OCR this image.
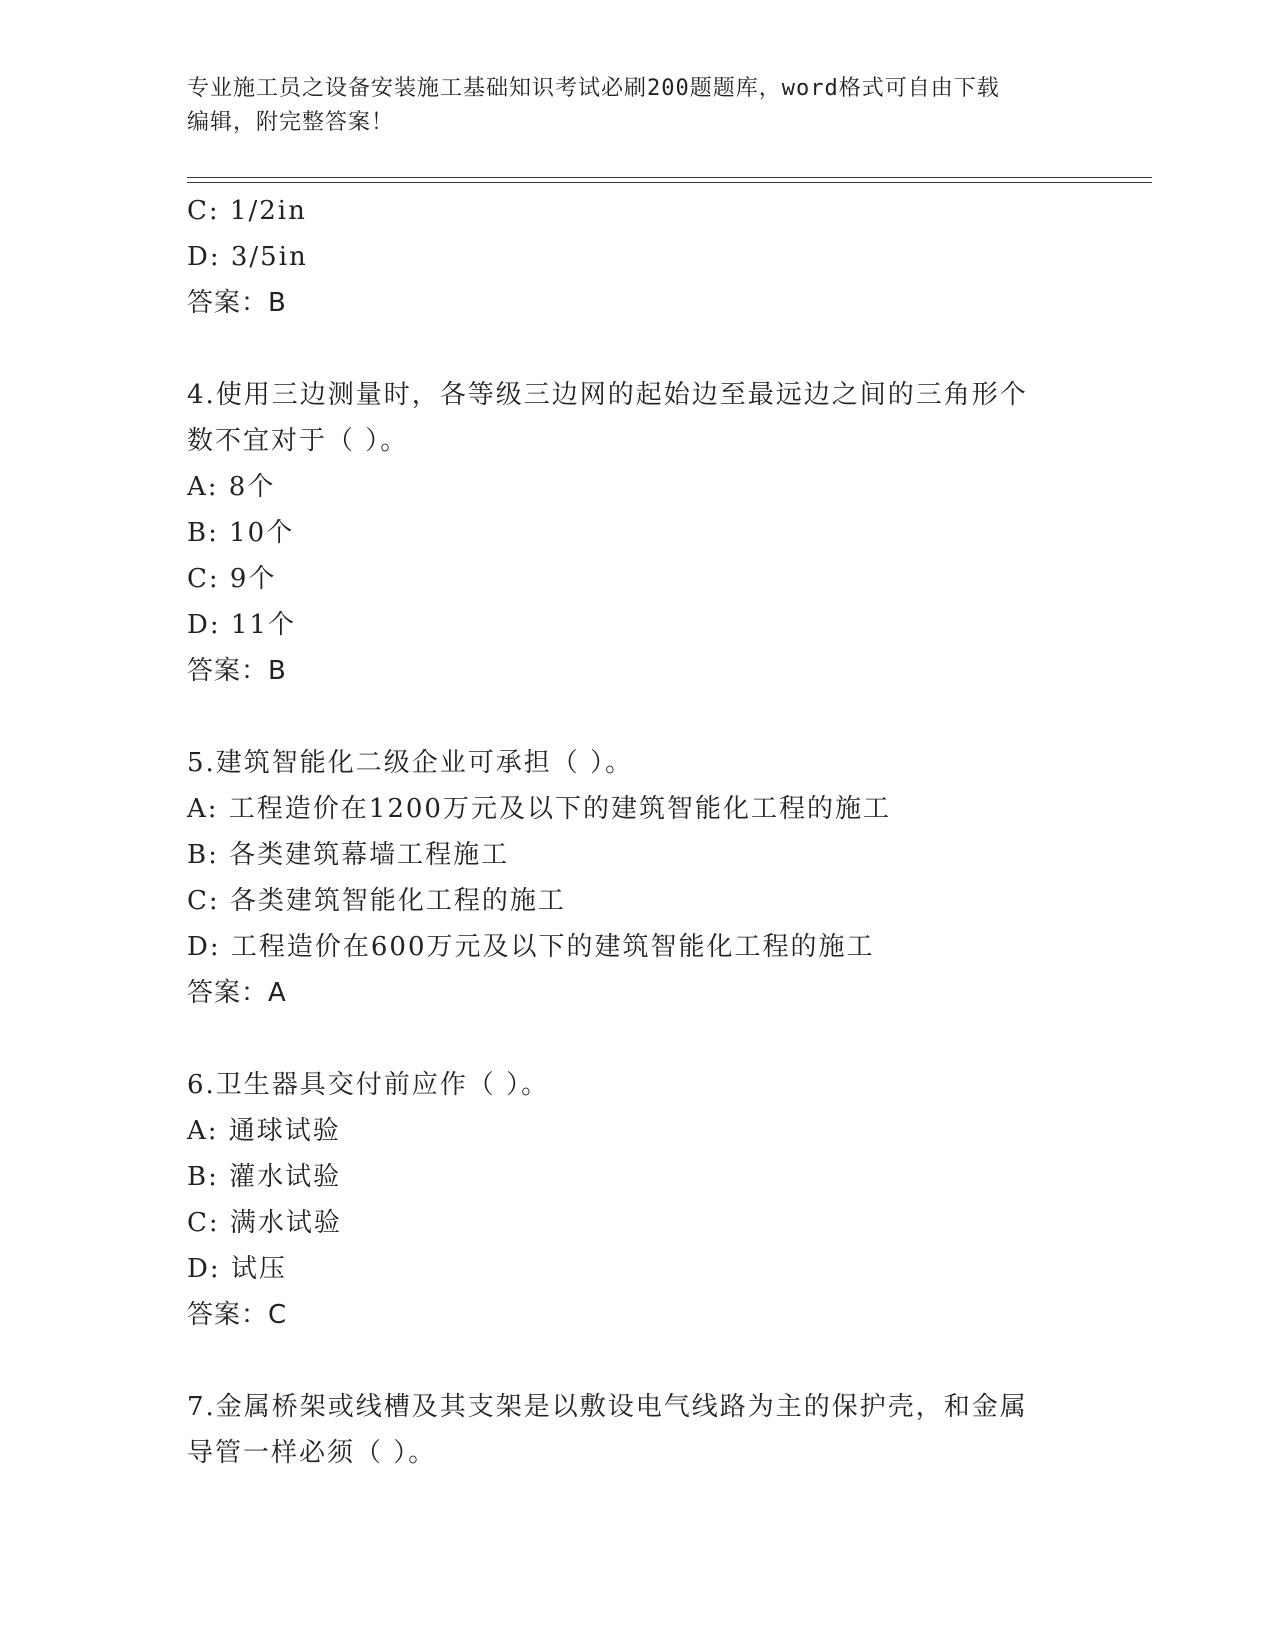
专业施工员之设备安装施工基础知识考试必刷200题题库，word格式可自由下载
编辑，附完整答案！
C: 1/2in
D: 3/5in
答案：B
4.使用三边测量时，各等级三边网的起始边至最远边之间的三角形个
数不宜对于（ ）。
A: 8个
B: 10个
C: 9个
D: 11个
答案：B
5.建筑智能化二级企业可承担（ ）。
A: 工程造价在1200万元及以下的建筑智能化工程的施工
B: 各类建筑幕墙工程施工
C: 各类建筑智能化工程的施工
D: 工程造价在600万元及以下的建筑智能化工程的施工
答案：A
6.卫生器具交付前应作（ ）。
A: 通球试验
B: 灌水试验
C: 满水试验
D: 试压
答案：C
7.金属桥架或线槽及其支架是以敷设电气线路为主的保护壳，和金属
导管一样必须（ ）。
